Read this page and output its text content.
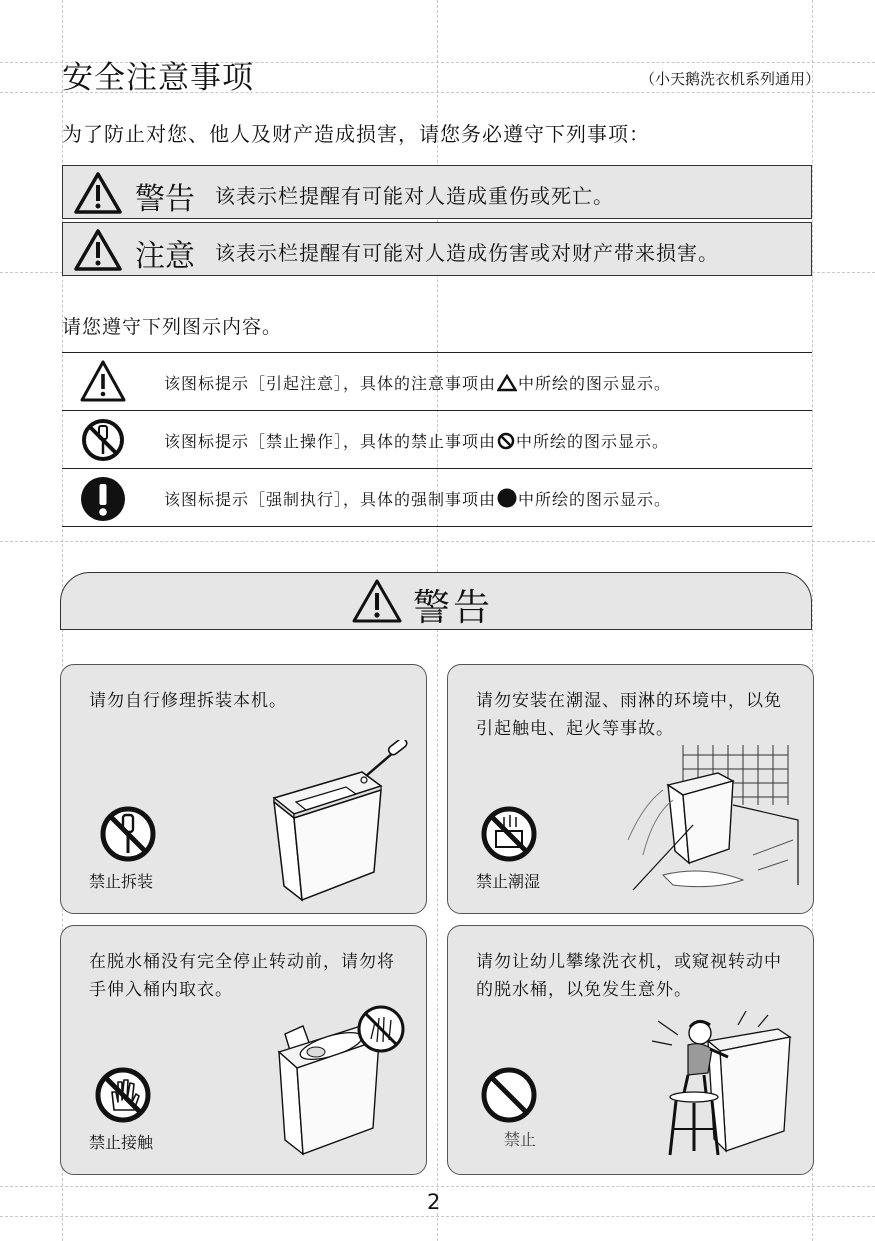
安全注意事项	（小天鹅洗衣机系列通用）
为了防止对您、他人及财产造成损害，请您务必遵守下列事项：
警告 该表示栏提醒有可能对人造成重伤或死亡。
注意 该表示栏提醒有可能对人造成伤害或对财产带来损害。
请您遵守下列图示内容。
该图标提示［引起注意］，具体的注意事项由 中所绘的图示显示。
该图标提示［禁止操作］，具体的禁止事项由 中所绘的图示显示。
该图标提示［强制执行］，具体的强制事项由 中所绘的图示显示。
警告
请勿自行修理拆装本机。
禁止拆装
请勿安装在潮湿、雨淋的环境中，以免引起触电、起火等事故。
禁止潮湿
在脱水桶没有完全停止转动前，请勿将手伸入桶内取衣。
禁止接触
请勿让幼儿攀缘洗衣机，或窥视转动中的脱水桶，以免发生意外。
禁止
2
